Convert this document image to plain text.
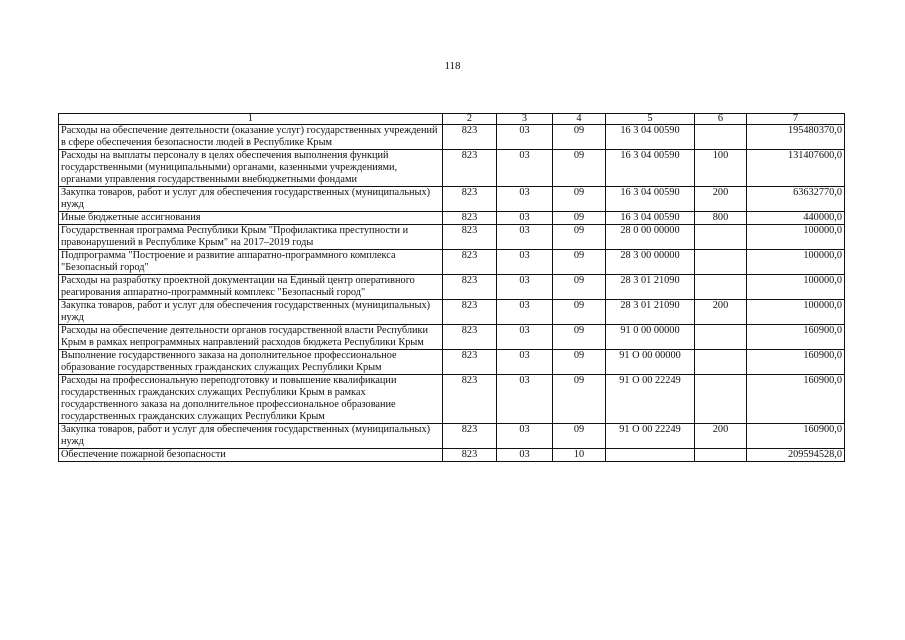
118
1	2	3	4	5	6	7
Расходы на обеспечение деятельности (оказание услуг) государственных учреждений в сфере обеспечения безопасности людей в Республике Крым	823	03	09	16 3 04 00590		195480370,0
Расходы на выплаты персоналу в целях обеспечения выполнения функций государственными (муниципальными) органами, казенными учреждениями, органами управления государственными внебюджетными фондами	823	03	09	16 3 04 00590	100	131407600,0
Закупка товаров, работ и услуг для обеспечения государственных (муниципальных) нужд	823	03	09	16 3 04 00590	200	63632770,0
Иные бюджетные ассигнования	823	03	09	16 3 04 00590	800	440000,0
Государственная программа Республики Крым "Профилактика преступности и правонарушений в Республике Крым" на 2017–2019 годы	823	03	09	28 0 00 00000		100000,0
Подпрограмма "Построение и развитие аппаратно-программного комплекса "Безопасный город"	823	03	09	28 3 00 00000		100000,0
Расходы на разработку проектной документации на Единый центр оперативного реагирования аппаратно-программный комплекс "Безопасный город"	823	03	09	28 3 01 21090		100000,0
Закупка товаров, работ и услуг для обеспечения государственных (муниципальных) нужд	823	03	09	28 3 01 21090	200	100000,0
Расходы на обеспечение деятельности органов государственной власти Республики Крым в рамках непрограммных направлений расходов бюджета Республики Крым	823	03	09	91 0 00 00000		160900,0
Выполнение государственного заказа на дополнительное профессиональное образование государственных гражданских служащих Республики Крым	823	03	09	91 О 00 00000		160900,0
Расходы на профессиональную переподготовку и повышение квалификации государственных гражданских служащих Республики Крым в рамках государственного заказа на дополнительное профессиональное образование государственных гражданских служащих Республики Крым	823	03	09	91 О 00 22249		160900,0
Закупка товаров, работ и услуг для обеспечения государственных (муниципальных) нужд	823	03	09	91 О 00 22249	200	160900,0
Обеспечение пожарной безопасности	823	03	10			209594528,0
